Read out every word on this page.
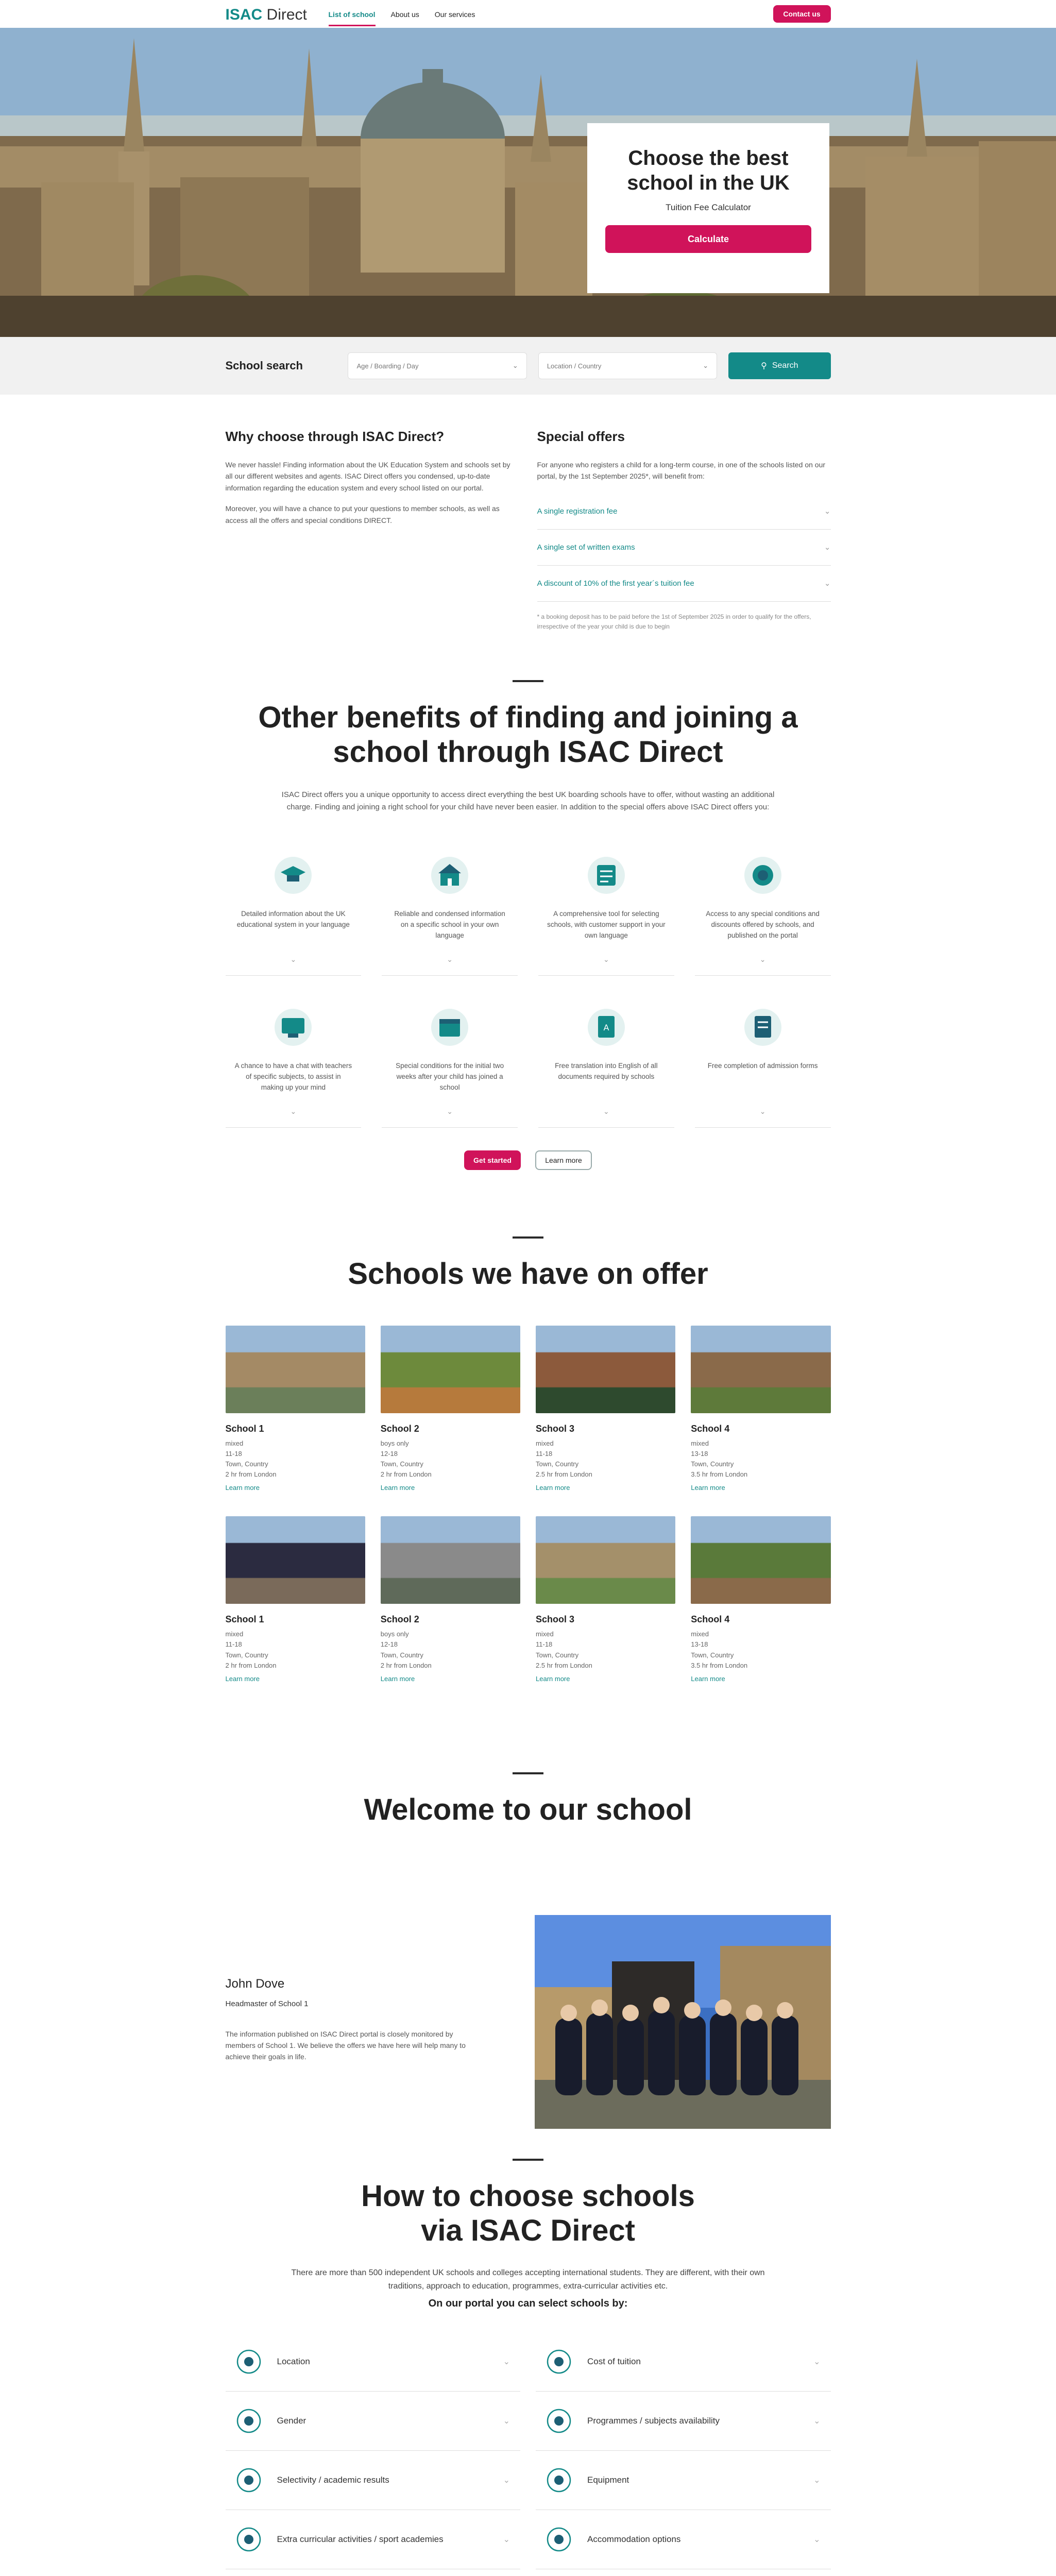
ISAC Direct	List of school About us Our services	Contact us
Choose the best school in the UK
Tuition Fee Calculator
Calculate
School search	Age / Boarding / Day	⌄	Location / Country	⌄	⚲ Search
Why choose through ISAC Direct?

We never hassle! Finding information about the UK Education System and schools set by all our different websites and agents. ISAC Direct offers you condensed, up-to-date information regarding the education system and every school listed on our portal.

Moreover, you will have a chance to put your questions to member schools, as well as access all the offers and special conditions DIRECT.

Special offers

For anyone who registers a child for a long-term course, in one of the schools listed on our portal, by the 1st September 2025*, will benefit from:

A single registration fee	⌄
A single set of written exams	⌄
A discount of 10% of the first year´s tuition fee	⌄

* a booking deposit has to be paid before the 1st of September 2025 in order to qualify for the offers, irrespective of the year your child is due to begin

Other benefits of finding and joining a school through ISAC Direct

ISAC Direct offers you a unique opportunity to access direct everything the best UK boarding schools have to offer, without wasting an additional charge. Finding and joining a right school for your child have never been easier. In addition to the special offers above ISAC Direct offers you:

Detailed information about the UK educational system in your language

⌄

Reliable and condensed information on a specific school in your own language

⌄

A comprehensive tool for selecting schools, with customer support in your own language

⌄

Access to any special conditions and discounts offered by schools, and published on the portal

⌄

A chance to have a chat with teachers of specific subjects, to assist in making up your mind

⌄

Special conditions for the initial two weeks after your child has joined a school

⌄
A

Free translation into English of all documents required by schools

⌄

Free completion of admission forms

⌄
Get started	Learn more
Schools we have on offer
School 1
mixed
11-18
Town, Country
2 hr from London
Learn more
School 2
boys only
12-18
Town, Country
2 hr from London
Learn more
School 3
mixed
11-18
Town, Country
2.5 hr from London
Learn more
School 4
mixed
13-18
Town, Country
3.5 hr from London
Learn more
School 1
mixed
11-18
Town, Country
2 hr from London
Learn more
School 2
boys only
12-18
Town, Country
2 hr from London
Learn more
School 3
mixed
11-18
Town, Country
2.5 hr from London
Learn more
School 4
mixed
13-18
Town, Country
3.5 hr from London
Learn more
Welcome to our school
John Dove
Headmaster of School 1

The information published on ISAC Direct portal is closely monitored by members of School 1. We believe the offers we have here will help many to achieve their goals in life.

How to choose schools via ISAC Direct
There are more than 500 independent UK schools and colleges accepting international students. They are different, with their own traditions, approach to education, programmes, extra-curricular activities etc.
On our portal you can select schools by:
Location	⌄	Cost of tuition	⌄
Gender	⌄	Programmes / subjects availability	⌄
Selectivity / academic results	⌄	Equipment	⌄
Extra curricular activities / sport academies	⌄	Accommodation options	⌄
